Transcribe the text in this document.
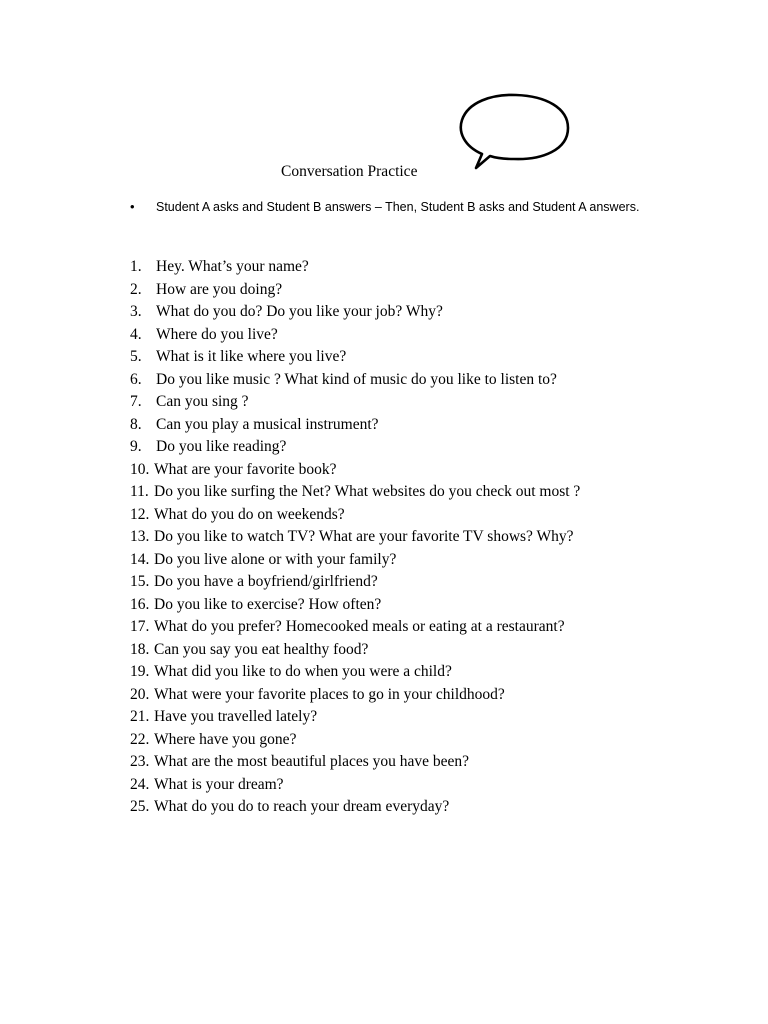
Conversation Practice
• Student A asks and Student B answers – Then, Student B asks and Student A answers.
1. Hey. What’s your name?
2. How are you doing?
3. What do you do? Do you like your job? Why?
4. Where do you live?
5. What is it like where you live?
6. Do you like music ? What kind of music do you like to listen to?
7. Can you sing ?
8. Can you play a musical instrument?
9. Do you like reading?
10. What are your favorite book?
11. Do you like surfing the Net? What websites do you check out most ?
12. What do you do on weekends?
13. Do you like to watch TV? What are your favorite TV shows? Why?
14. Do you live alone or with your family?
15. Do you have a boyfriend/girlfriend?
16. Do you like to exercise? How often?
17. What do you prefer? Homecooked meals or eating at a restaurant?
18. Can you say you eat healthy food?
19. What did you like to do when you were a child?
20. What were your favorite places to go in your childhood?
21. Have you travelled lately?
22. Where have you gone?
23. What are the most beautiful places you have been?
24. What is your dream?
25. What do you do to reach your dream everyday?
